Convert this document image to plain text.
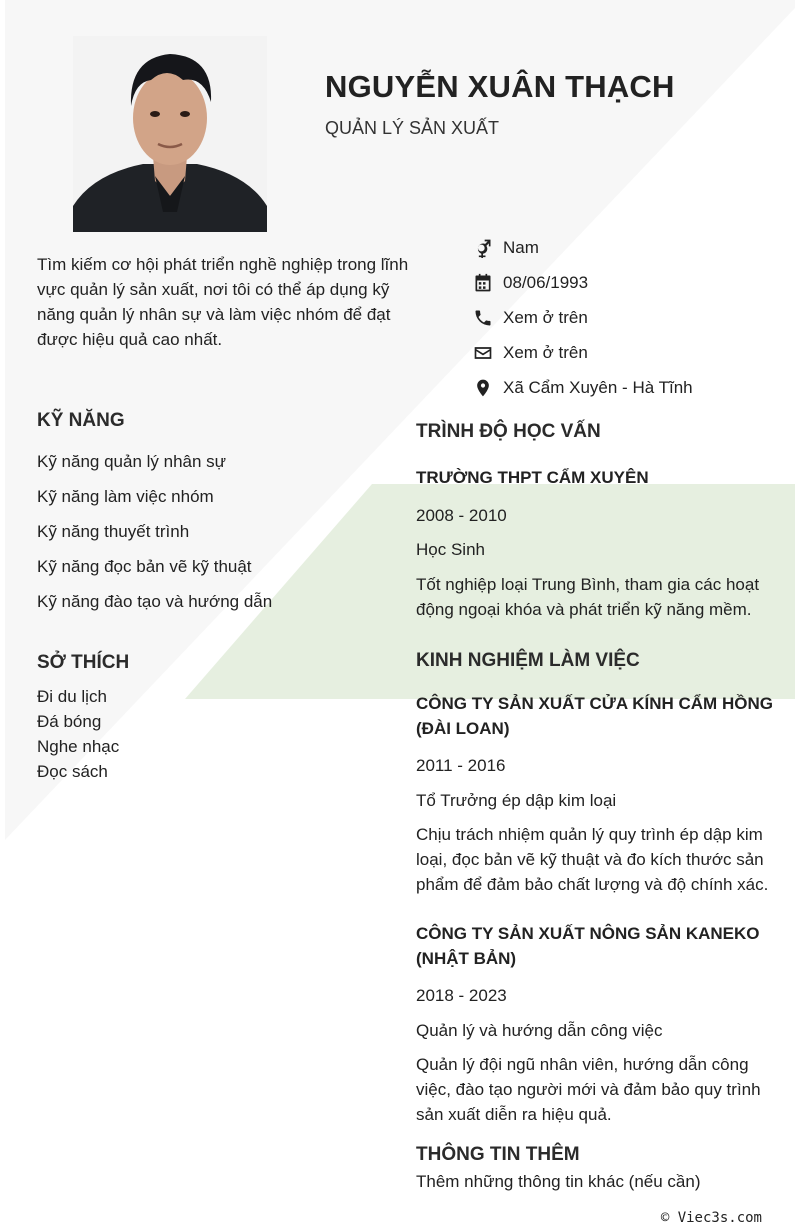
NGUYỄN XUÂN THẠCH
QUẢN LÝ SẢN XUẤT

Tìm kiếm cơ hội phát triển nghề nghiệp trong lĩnh vực quản lý sản xuất, nơi tôi có thể áp dụng kỹ năng quản lý nhân sự và làm việc nhóm để đạt được hiệu quả cao nhất.

Nam
08/06/1993
Xem ở trên
Xem ở trên
Xã Cẩm Xuyên - Hà Tĩnh
KỸ NĂNG
Kỹ năng quản lý nhân sự
Kỹ năng làm việc nhóm
Kỹ năng thuyết trình
Kỹ năng đọc bản vẽ kỹ thuật
Kỹ năng đào tạo và hướng dẫn
SỞ THÍCH
Đi du lịch
Đá bóng
Nghe nhạc
Đọc sách
TRÌNH ĐỘ HỌC VẤN

TRƯỜNG THPT CẨM XUYÊN

2008 - 2010

Học Sinh

Tốt nghiệp loại Trung Bình, tham gia các hoạt động ngoại khóa và phát triển kỹ năng mềm.

KINH NGHIỆM LÀM VIỆC

CÔNG TY SẢN XUẤT CỬA KÍNH CẨM HỒNG (ĐÀI LOAN)

2011 - 2016

Tổ Trưởng ép dập kim loại

Chịu trách nhiệm quản lý quy trình ép dập kim loại, đọc bản vẽ kỹ thuật và đo kích thước sản phẩm để đảm bảo chất lượng và độ chính xác.

CÔNG TY SẢN XUẤT NÔNG SẢN KANEKO (NHẬT BẢN)

2018 - 2023

Quản lý và hướng dẫn công việc

Quản lý đội ngũ nhân viên, hướng dẫn công việc, đào tạo người mới và đảm bảo quy trình sản xuất diễn ra hiệu quả.

THÔNG TIN THÊM

Thêm những thông tin khác (nếu cần)

© Viec3s.com
